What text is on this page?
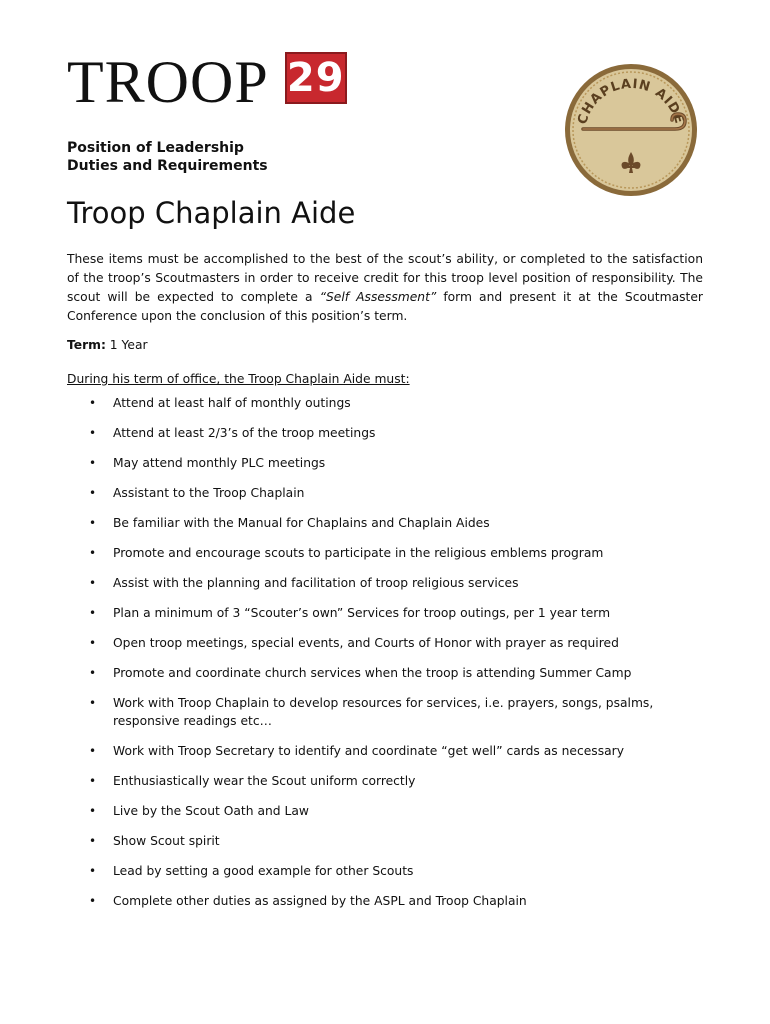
TROOP 29
Position of Leadership
Duties and Requirements
CHAPLAIN AIDE
Troop Chaplain Aide

These items must be accomplished to the best of the scout’s ability, or completed to the satisfaction of the troop’s Scoutmasters in order to receive credit for this troop level position of responsibility. The scout will be expected to complete a “Self Assessment” form and present it at the Scoutmaster Conference upon the conclusion of this position’s term.

Term: 1 Year
During his term of office, the Troop Chaplain Aide must:
• Attend at least half of monthly outings
• Attend at least 2/3’s of the troop meetings
• May attend monthly PLC meetings
• Assistant to the Troop Chaplain
• Be familiar with the Manual for Chaplains and Chaplain Aides
• Promote and encourage scouts to participate in the religious emblems program
• Assist with the planning and facilitation of troop religious services
• Plan a minimum of 3 “Scouter’s own” Services for troop outings, per 1 year term
• Open troop meetings, special events, and Courts of Honor with prayer as required
• Promote and coordinate church services when the troop is attending Summer Camp
• Work with Troop Chaplain to develop resources for services, i.e. prayers, songs, psalms, responsive readings etc…
• Work with Troop Secretary to identify and coordinate “get well” cards as necessary
• Enthusiastically wear the Scout uniform correctly
• Live by the Scout Oath and Law
• Show Scout spirit
• Lead by setting a good example for other Scouts
• Complete other duties as assigned by the ASPL and Troop Chaplain
